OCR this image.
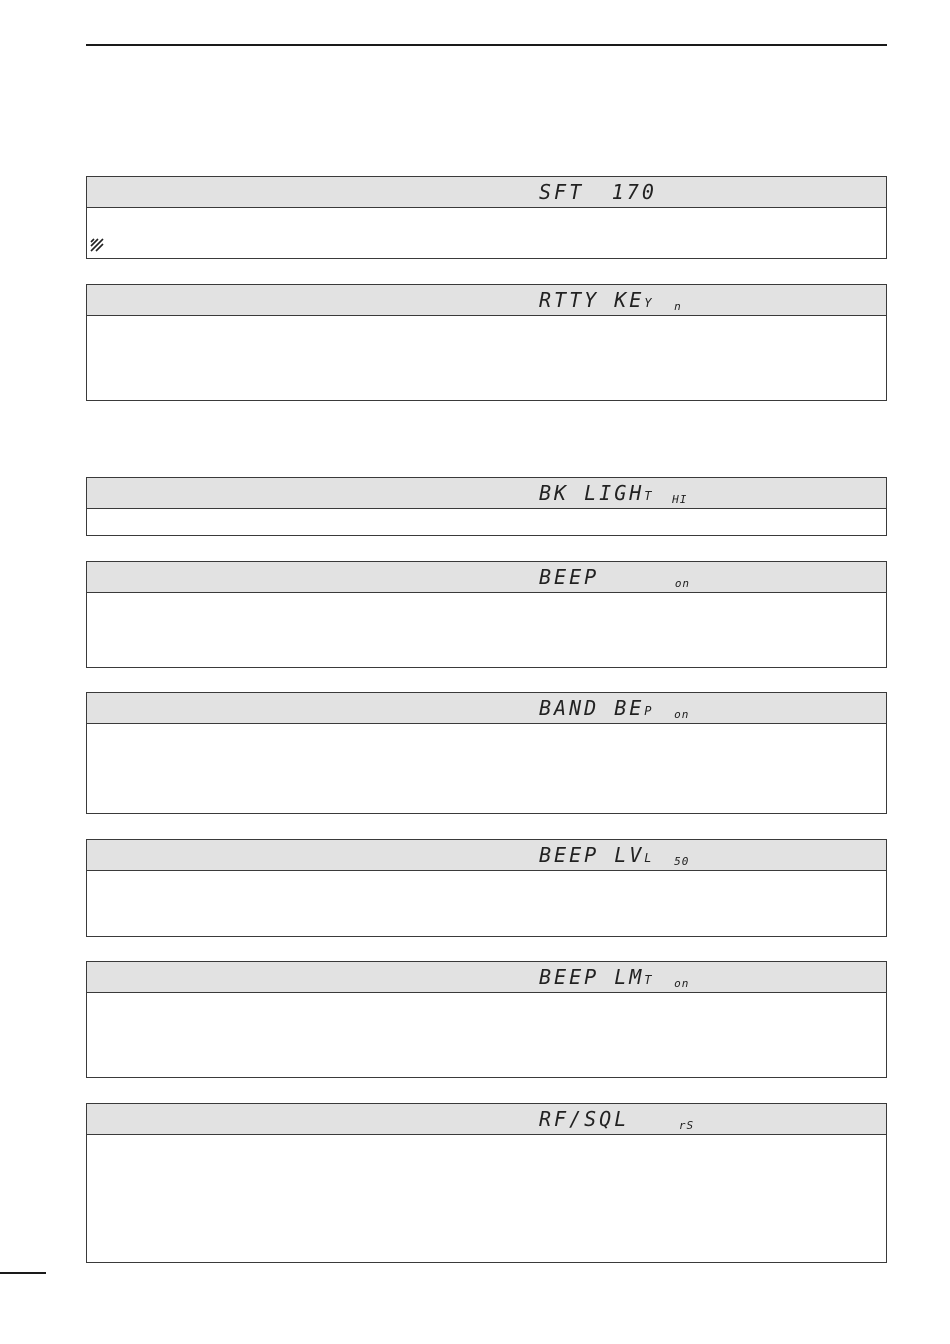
SFT 170
RTTY KEY n
BK LIGHT HI
BEEP	on
BAND BEP on
BEEP LVL 50
BEEP LMT on
RF/SQL	rS
